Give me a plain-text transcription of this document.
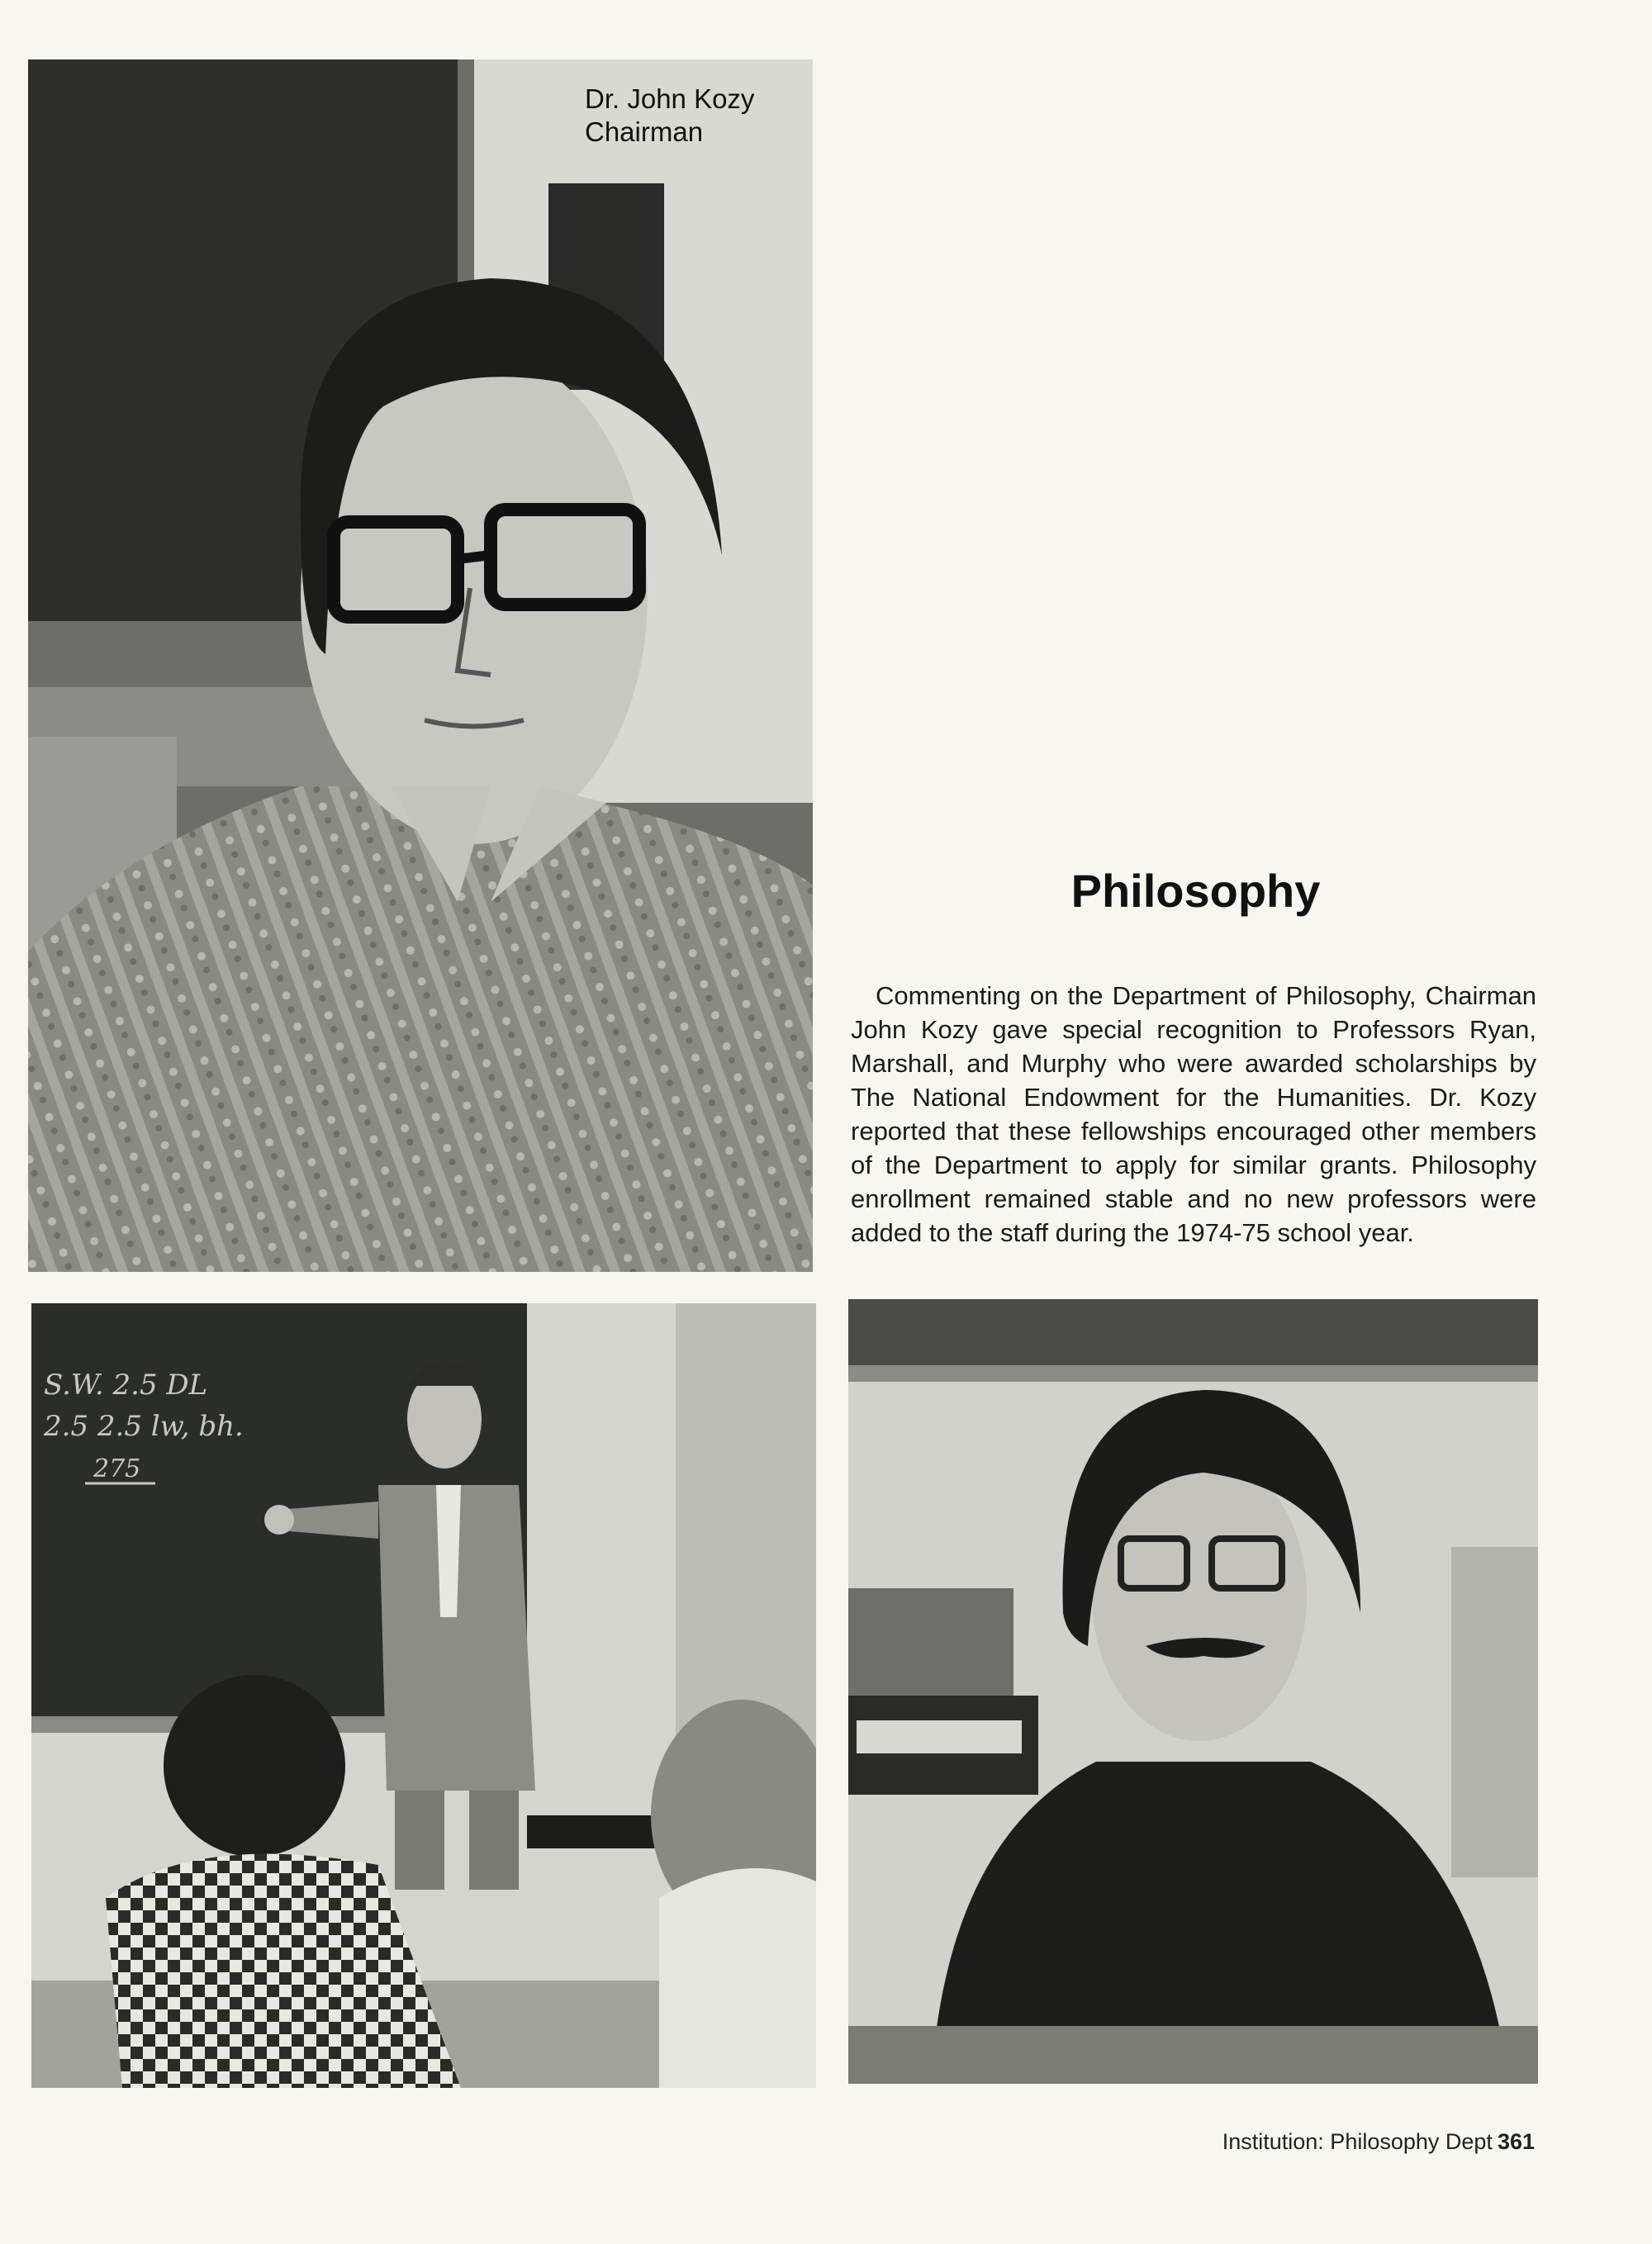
Dr. John Kozy
Chairman
Philosophy

Commenting on the Department of Philosophy, Chairman John Kozy gave special recognition to Professors Ryan, Marshall, and Murphy who were awarded scholarships by The National Endowment for the Humanities. Dr. Kozy reported that these fellowships encouraged other members of the Department to apply for similar grants. Philosophy enrollment remained stable and no new professors were added to the staff during the 1974-75 school year.

S.W. 2.5 DL
2.5 2.5 lw, bh.
275
Institution: Philosophy Dept 361
